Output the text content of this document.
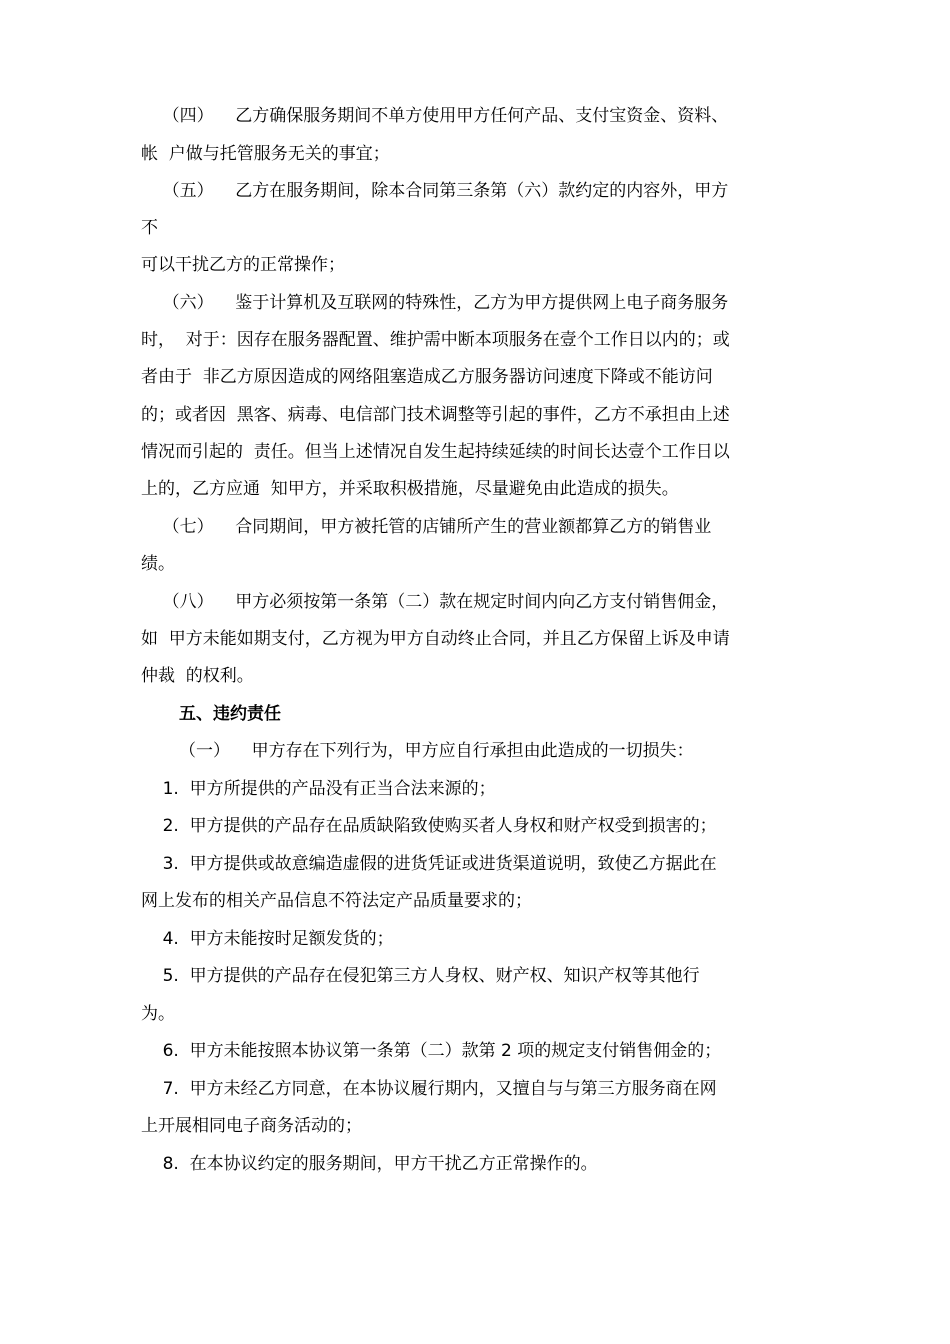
（四）    乙方确保服务期间不单方使用甲方任何产品、支付宝资金、资料、
帐  户做与托管服务无关的事宜；
（五）    乙方在服务期间，除本合同第三条第（六）款约定的内容外，甲方
不
可以干扰乙方的正常操作；
（六）    鉴于计算机及互联网的特殊性，乙方为甲方提供网上电子商务服务
时，  对于：因存在服务器配置、维护需中断本项服务在壹个工作日以内的；或
者由于  非乙方原因造成的网络阻塞造成乙方服务器访问速度下降或不能访问
的；或者因  黑客、病毒、电信部门技术调整等引起的事件，乙方不承担由上述
情况而引起的  责任。但当上述情况自发生起持续延续的时间长达壹个工作日以
上的，乙方应通  知甲方，并采取积极措施，尽量避免由此造成的损失。
（七）    合同期间，甲方被托管的店铺所产生的营业额都算乙方的销售业
绩。
（八）    甲方必须按第一条第（二）款在规定时间内向乙方支付销售佣金，
如  甲方未能如期支付，乙方视为甲方自动终止合同，并且乙方保留上诉及申请
仲裁  的权利。
五、违约责任
（一）    甲方存在下列行为，甲方应自行承担由此造成的一切损失：
1.  甲方所提供的产品没有正当合法来源的；
2.  甲方提供的产品存在品质缺陷致使购买者人身权和财产权受到损害的；
3.  甲方提供或故意编造虚假的进货凭证或进货渠道说明，致使乙方据此在
网上发布的相关产品信息不符法定产品质量要求的；
4.  甲方未能按时足额发货的；
5.  甲方提供的产品存在侵犯第三方人身权、财产权、知识产权等其他行
为。
6.  甲方未能按照本协议第一条第（二）款第 2 项的规定支付销售佣金的；
7.  甲方未经乙方同意，在本协议履行期内，又擅自与与第三方服务商在网
上开展相同电子商务活动的；
8.  在本协议约定的服务期间，甲方干扰乙方正常操作的。
